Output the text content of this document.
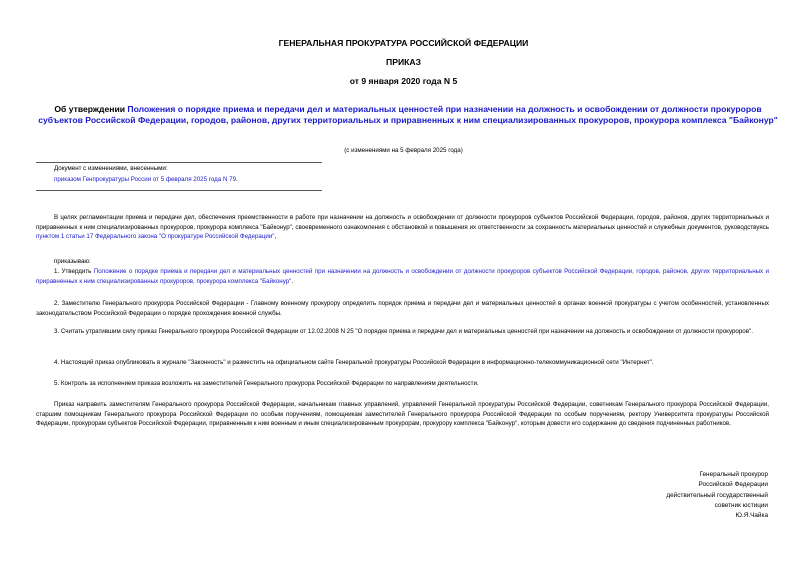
ГЕНЕРАЛЬНАЯ ПРОКУРАТУРА РОССИЙСКОЙ ФЕДЕРАЦИИ
ПРИКАЗ
от 9 января 2020 года N 5
Об утверждении Положения о порядке приема и передачи дел и материальных ценностей при назначении на должность и освобождении от должности прокуроров субъектов Российской Федерации, городов, районов, других территориальных и приравненных к ним специализированных прокуроров, прокурора комплекса "Байконур"
(с изменениями на 5 февраля 2025 года)
Документ с изменениями, внесенными:
приказом Генпрокуратуры России от 5 февраля 2025 года N 79.
В целях регламентации приема и передачи дел, обеспечения преемственности в работе при назначении на должность и освобождении от должности прокуроров субъектов Российской Федерации, городов, районов, других территориальных и приравненных к ним специализированных прокуроров, прокурора комплекса "Байконур", своевременного ознакомления с обстановкой и повышения их ответственности за сохранность материальных ценностей и служебных документов, руководствуясь пунктом 1 статьи 17 Федерального закона "О прокуратуре Российской Федерации",
приказываю:
1. Утвердить Положение о порядке приема и передачи дел и материальных ценностей при назначении на должность и освобождении от должности прокуроров субъектов Российской Федерации, городов, районов, других территориальных и приравненных к ним специализированных прокуроров, прокурора комплекса "Байконур".
2. Заместителю Генерального прокурора Российской Федерации - Главному военному прокурору определить порядок приема и передачи дел и материальных ценностей в органах военной прокуратуры с учетом особенностей, установленных законодательством Российской Федерации о порядке прохождения военной службы.
3. Считать утратившим силу приказ Генерального прокурора Российской Федерации от 12.02.2008 N 25 "О порядке приема и передачи дел и материальных ценностей при назначении на должность и освобождении от должности прокуроров".
4. Настоящий приказ опубликовать в журнале "Законность" и разместить на официальном сайте Генеральной прокуратуры Российской Федерации в информационно-телекоммуникационной сети "Интернет".
5. Контроль за исполнением приказа возложить на заместителей Генерального прокурора Российской Федерации по направлениям деятельности.
Приказ направить заместителям Генерального прокурора Российской Федерации, начальникам главных управлений, управлений Генеральной прокуратуры Российской Федерации, советникам Генерального прокурора Российской Федерации, старшим помощникам Генерального прокурора Российской Федерации по особым поручениям, помощникам заместителей Генерального прокурора Российской Федерации по особым поручениям, ректору Университета прокуратуры Российской Федерации, прокурорам субъектов Российской Федерации, приравненным к ним военным и иным специализированным прокурорам, прокурору комплекса "Байконур", которым довести его содержание до сведения подчиненных работников.
Генеральный прокурор
Российской Федерации
действительный государственный
советник юстиции
Ю.Я.Чайка
